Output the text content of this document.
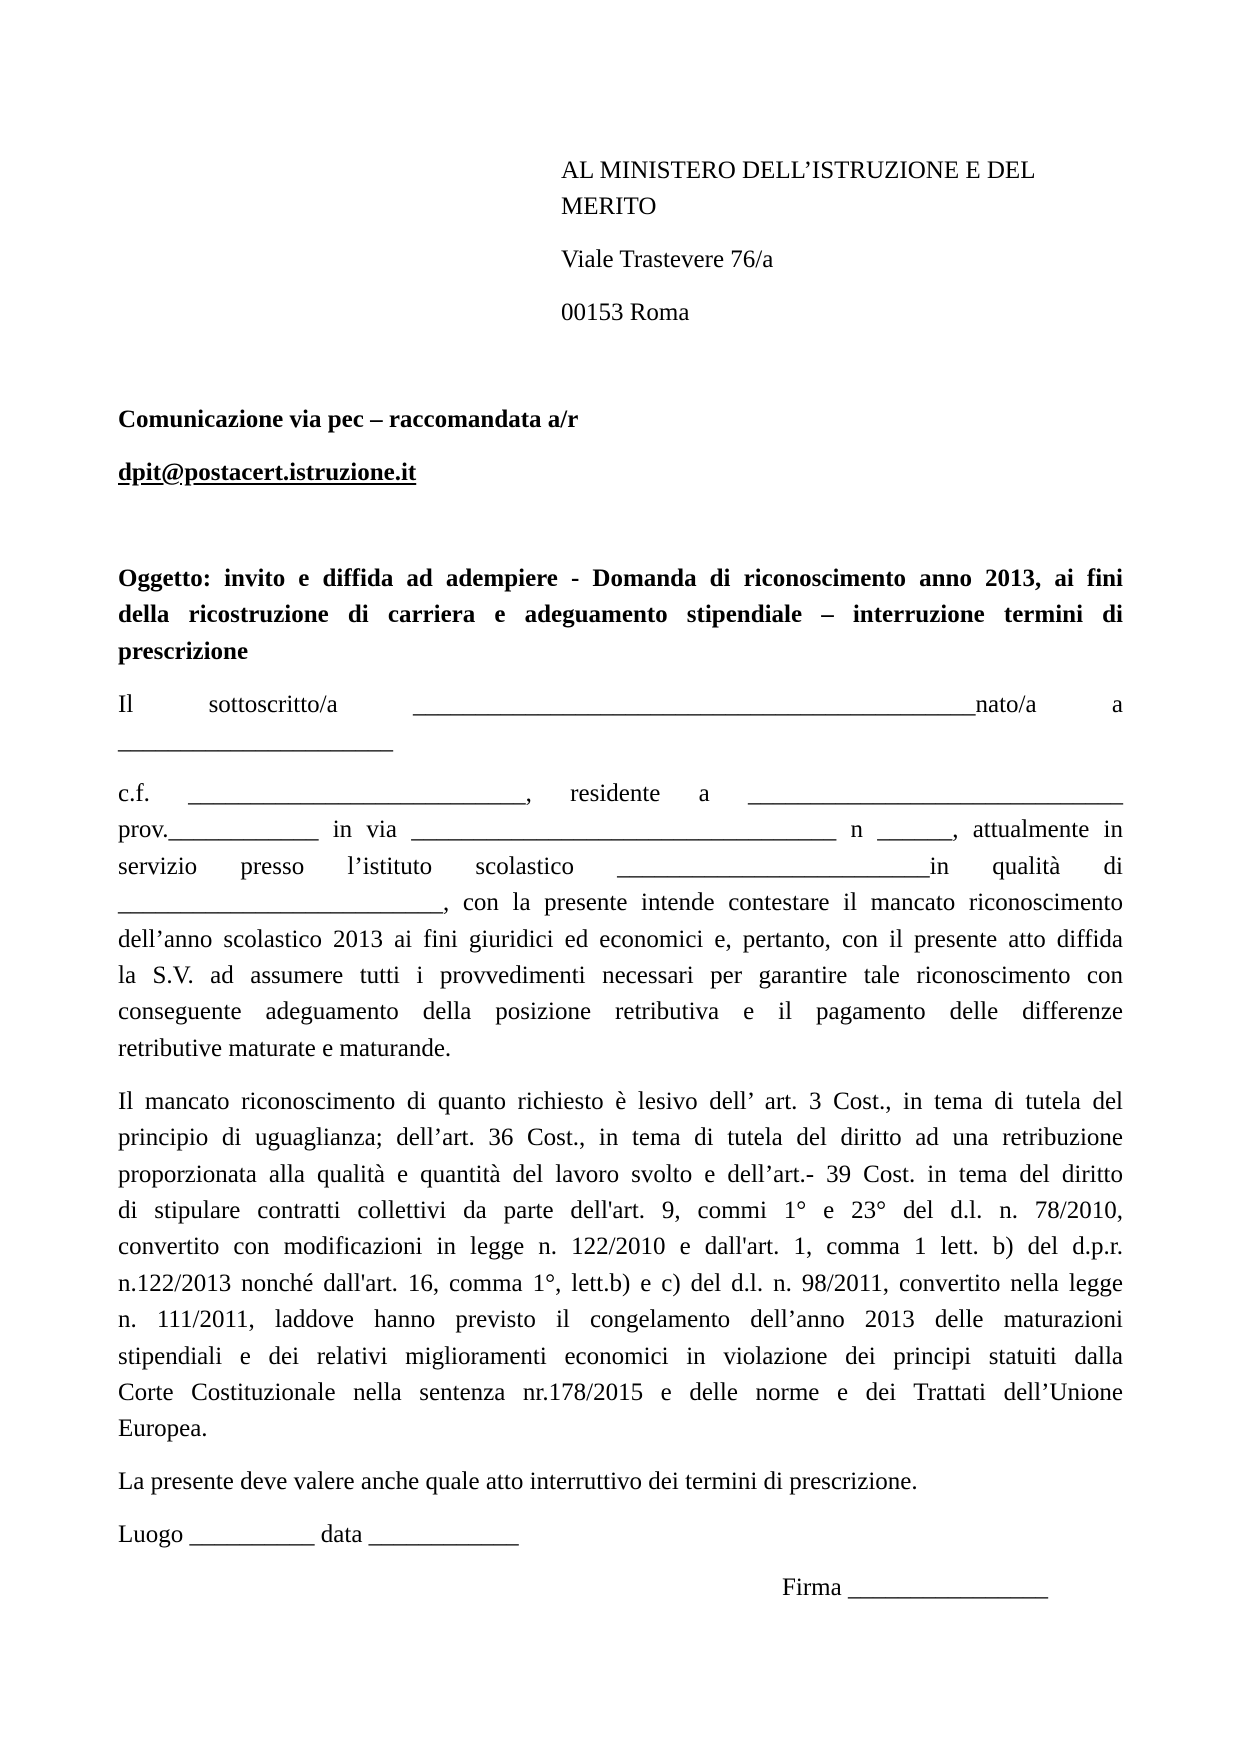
AL MINISTERO DELL’ISTRUZIONE E DEL
MERITO
Viale Trastevere 76/a
00153 Roma
Comunicazione via pec – raccomandata a/r
dpit@postacert.istruzione.it
Oggetto: invito e diffida ad adempiere - Domanda di riconoscimento anno 2013, ai fini
della ricostruzione di carriera e adeguamento stipendiale – interruzione termini di
prescrizione
Il sottoscritto/a _____________________________________________nato/a a
______________________
c.f. ___________________________, residente a ______________________________
prov.____________ in via __________________________________ n ______, attualmente in
servizio presso l’istituto scolastico _________________________in qualità di
__________________________, con la presente intende contestare il mancato riconoscimento
dell’anno scolastico 2013 ai fini giuridici ed economici e, pertanto, con il presente atto diffida
la S.V. ad assumere tutti i provvedimenti necessari per garantire tale riconoscimento con
conseguente adeguamento della posizione retributiva e il pagamento delle differenze
retributive maturate e maturande.
Il mancato riconoscimento di quanto richiesto è lesivo dell’ art. 3 Cost., in tema di tutela del
principio di uguaglianza; dell’art. 36 Cost., in tema di tutela del diritto ad una retribuzione
proporzionata alla qualità e quantità del lavoro svolto e dell’art.- 39 Cost. in tema del diritto
di stipulare contratti collettivi da parte dell'art. 9, commi 1° e 23° del d.l. n. 78/2010,
convertito con modificazioni in legge n. 122/2010 e dall'art. 1, comma 1 lett. b) del d.p.r.
n.122/2013 nonché dall'art. 16, comma 1°, lett.b) e c) del d.l. n. 98/2011, convertito nella legge
n. 111/2011, laddove hanno previsto il congelamento dell’anno 2013 delle maturazioni
stipendiali e dei relativi miglioramenti economici in violazione dei principi statuiti dalla
Corte Costituzionale nella sentenza nr.178/2015 e delle norme e dei Trattati dell’Unione
Europea.
La presente deve valere anche quale atto interruttivo dei termini di prescrizione.
Luogo __________ data ____________
Firma ________________
